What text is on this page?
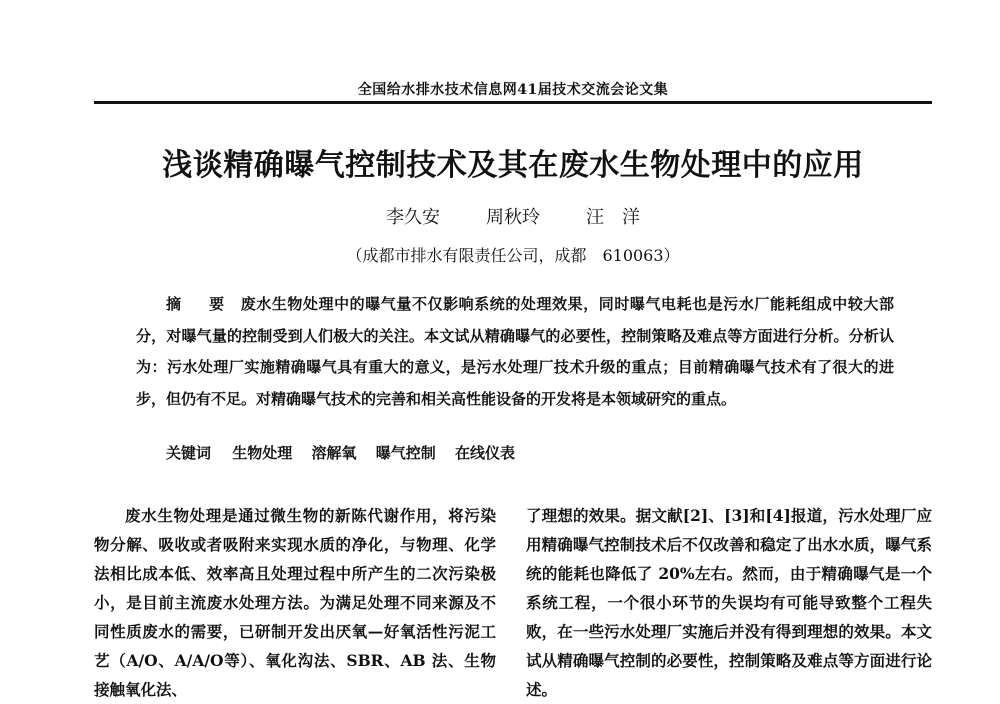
全国给水排水技术信息网41届技术交流会论文集
浅谈精确曝气控制技术及其在废水生物处理中的应用
李久安	周秋玲	汪　洋
（成都市排水有限责任公司，成都　610063）

摘　要 废水生物处理中的曝气量不仅影响系统的处理效果，同时曝气电耗也是污水厂能耗组成中较大部分，对曝气量的控制受到人们极大的关注。本文试从精确曝气的必要性，控制策略及难点等方面进行分析。分析认为：污水处理厂实施精确曝气具有重大的意义，是污水处理厂技术升级的重点；目前精确曝气技术有了很大的进步，但仍有不足。对精确曝气技术的完善和相关高性能设备的开发将是本领域研究的重点。

关键词 生物处理 溶解氧 曝气控制 在线仪表

废水生物处理是通过微生物的新陈代谢作用，将污染物分解、吸收或者吸附来实现水质的净化，与物理、化学法相比成本低、效率高且处理过程中所产生的二次污染极小，是目前主流废水处理方法。为满足处理不同来源及不同性质废水的需要，已研制开发出厌氧—好氧活性污泥工艺（A/O、A/A/O等）、氧化沟法、SBR、AB 法、生物接触氧化法、

了理想的效果。据文献[2]、[3]和[4]报道，污水处理厂应用精确曝气控制技术后不仅改善和稳定了出水水质，曝气系统的能耗也降低了 20%左右。然而，由于精确曝气是一个系统工程，一个很小环节的失误均有可能导致整个工程失败，在一些污水处理厂实施后并没有得到理想的效果。本文试从精确曝气控制的必要性，控制策略及难点等方面进行论述。
